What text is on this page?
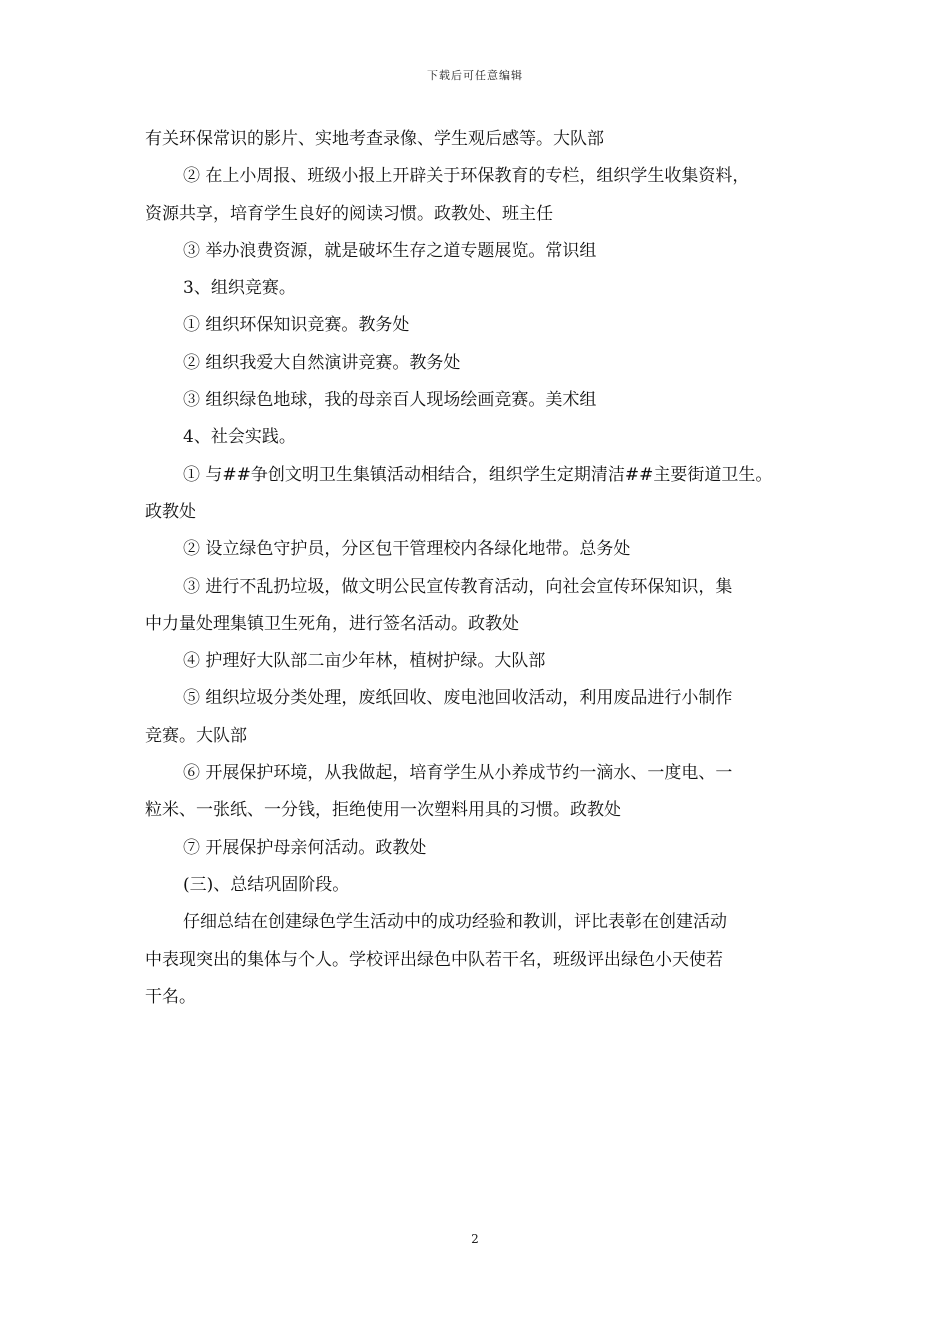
下载后可任意编辑
有关环保常识的影片、实地考查录像、学生观后感等。大队部
② 在上小周报、班级小报上开辟关于环保教育的专栏，组织学生收集资料，
资源共享，培育学生良好的阅读习惯。政教处、班主任
③ 举办浪费资源，就是破坏生存之道专题展览。常识组
3、组织竞赛。
① 组织环保知识竞赛。教务处
② 组织我爱大自然演讲竞赛。教务处
③ 组织绿色地球，我的母亲百人现场绘画竞赛。美术组
4、社会实践。
① 与##争创文明卫生集镇活动相结合，组织学生定期清洁##主要街道卫生。
政教处
② 设立绿色守护员，分区包干管理校内各绿化地带。总务处
③ 进行不乱扔垃圾，做文明公民宣传教育活动，向社会宣传环保知识，集
中力量处理集镇卫生死角，进行签名活动。政教处
④ 护理好大队部二亩少年林，植树护绿。大队部
⑤ 组织垃圾分类处理，废纸回收、废电池回收活动，利用废品进行小制作
竞赛。大队部
⑥ 开展保护环境，从我做起，培育学生从小养成节约一滴水、一度电、一
粒米、一张纸、一分钱，拒绝使用一次塑料用具的习惯。政教处
⑦ 开展保护母亲何活动。政教处
(三)、总结巩固阶段。
仔细总结在创建绿色学生活动中的成功经验和教训，评比表彰在创建活动
中表现突出的集体与个人。学校评出绿色中队若干名，班级评出绿色小天使若
干名。
2
